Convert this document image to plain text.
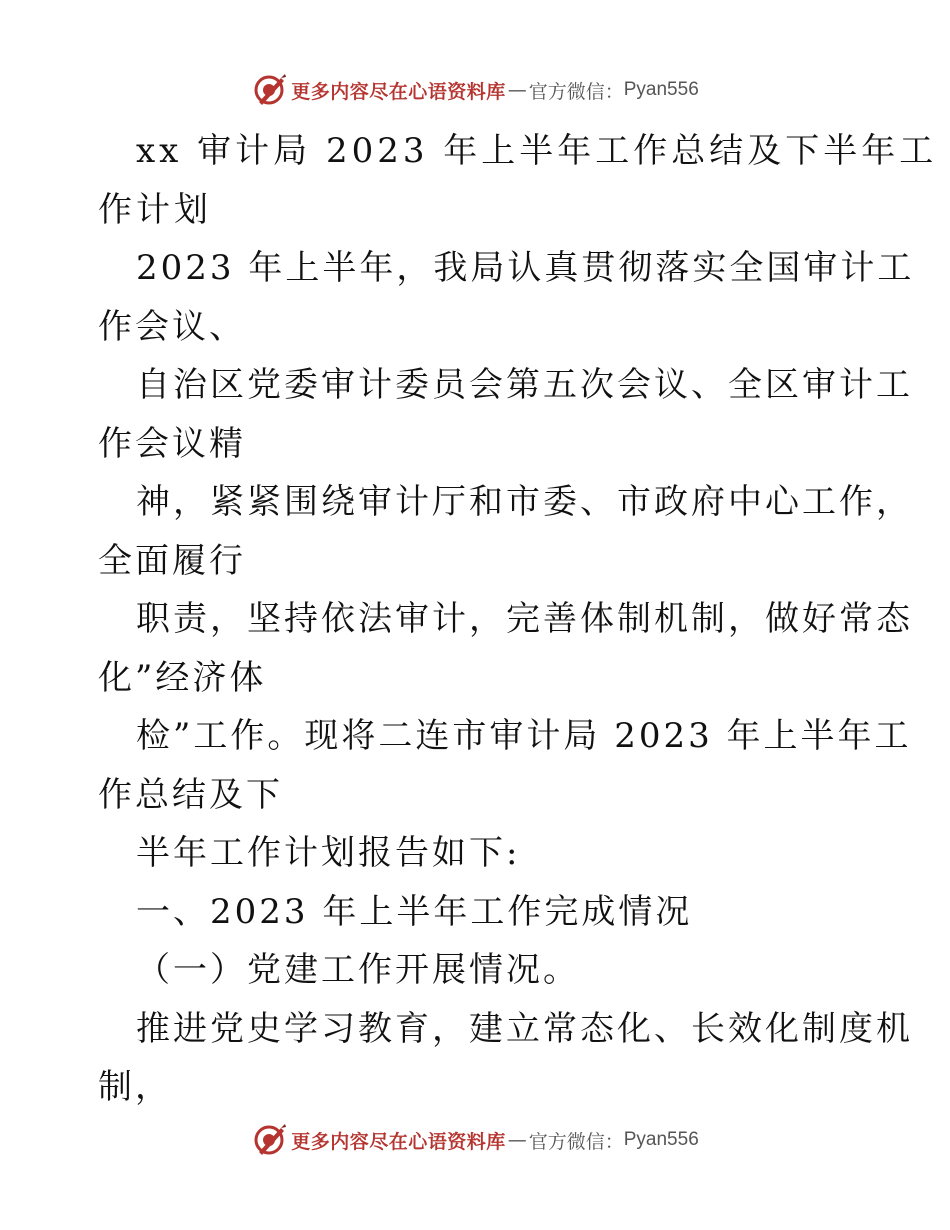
更多内容尽在心语资料库 — 官方微信： Pyan556
xx 审计局 2023 年上半年工作总结及下半年工
作计划
2023 年上半年，我局认真贯彻落实全国审计工
作会议、
自治区党委审计委员会第五次会议、全区审计工
作会议精
神，紧紧围绕审计厅和市委、市政府中心工作，
全面履行
职责，坚持依法审计，完善体制机制，做好常态
化”经济体
检”工作。现将二连市审计局 2023 年上半年工
作总结及下
半年工作计划报告如下:
一、2023 年上半年工作完成情况
（一）党建工作开展情况。
推进党史学习教育，建立常态化、长效化制度机
制，
更多内容尽在心语资料库 — 官方微信： Pyan556
